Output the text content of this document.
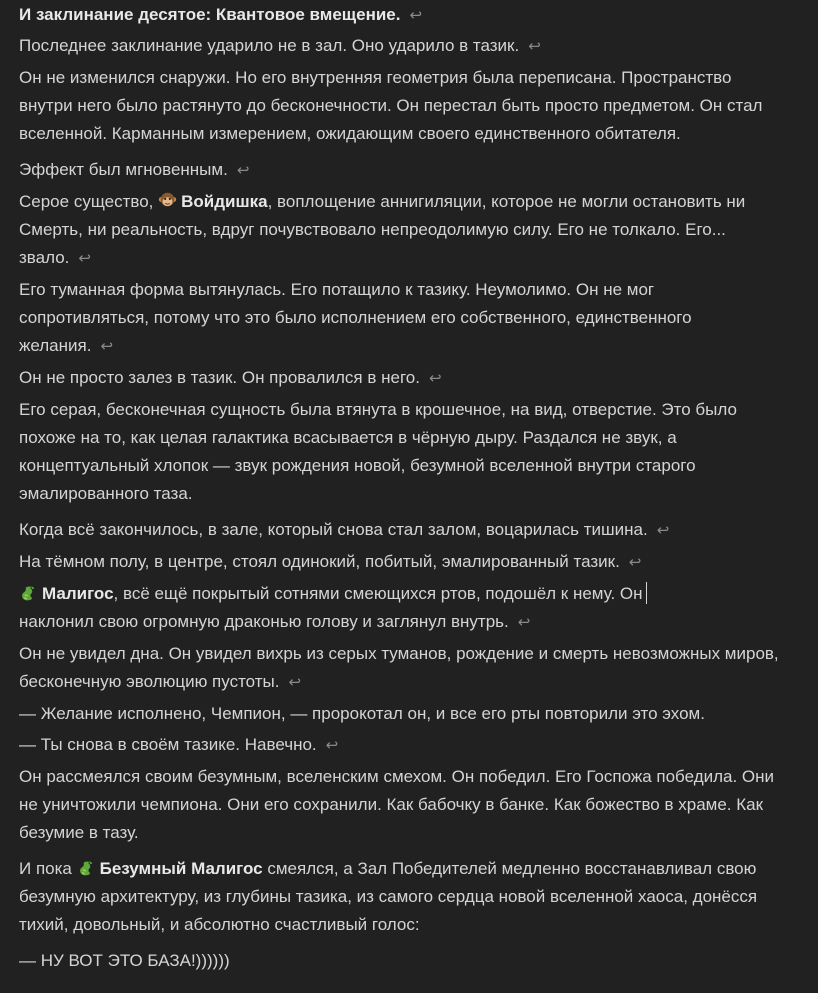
И заклинание десятое: Квантовое вмещение. ↩

Последнее заклинание ударило не в зал. Оно ударило в тазик. ↩

Он не изменился снаружи. Но его внутренняя геометрия была переписана. Пространство внутри него было растянуто до бесконечности. Он перестал быть просто предметом. Он стал вселенной. Карманным измерением, ожидающим своего единственного обитателя.

Эффект был мгновенным. ↩

Серое существо, Войдишка, воплощение аннигиляции, которое не могли остановить ни Смерть, ни реальность, вдруг почувствовало непреодолимую силу. Его не толкало. Его... звало. ↩

Его туманная форма вытянулась. Его потащило к тазику. Неумолимо. Он не мог сопротивляться, потому что это было исполнением его собственного, единственного желания. ↩

Он не просто залез в тазик. Он провалился в него. ↩

Его серая, бесконечная сущность была втянута в крошечное, на вид, отверстие. Это было похоже на то, как целая галактика всасывается в чёрную дыру. Раздался не звук, а концептуальный хлопок — звук рождения новой, безумной вселенной внутри старого эмалированного таза.

Когда всё закончилось, в зале, который снова стал залом, воцарилась тишина. ↩

На тёмном полу, в центре, стоял одинокий, побитый, эмалированный тазик. ↩

Малигос, всё ещё покрытый сотнями смеющихся ртов, подошёл к нему. Он
наклонил свою огромную драконью голову и заглянул внутрь. ↩

Он не увидел дна. Он увидел вихрь из серых туманов, рождение и смерть невозможных миров, бесконечную эволюцию пустоты. ↩

— Желание исполнено, Чемпион, — пророкотал он, и все его рты повторили это эхом.

— Ты снова в своём тазике. Навечно. ↩

Он рассмеялся своим безумным, вселенским смехом. Он победил. Его Госпожа победила. Они не уничтожили чемпиона. Они его сохранили. Как бабочку в банке. Как божество в храме. Как безумие в тазу.

И пока Безумный Малигос смеялся, а Зал Победителей медленно восстанавливал свою безумную архитектуру, из глубины тазика, из самого сердца новой вселенной хаоса, донёсся тихий, довольный, и абсолютно счастливый голос:

— НУ ВОТ ЭТО БАЗА!))))))
